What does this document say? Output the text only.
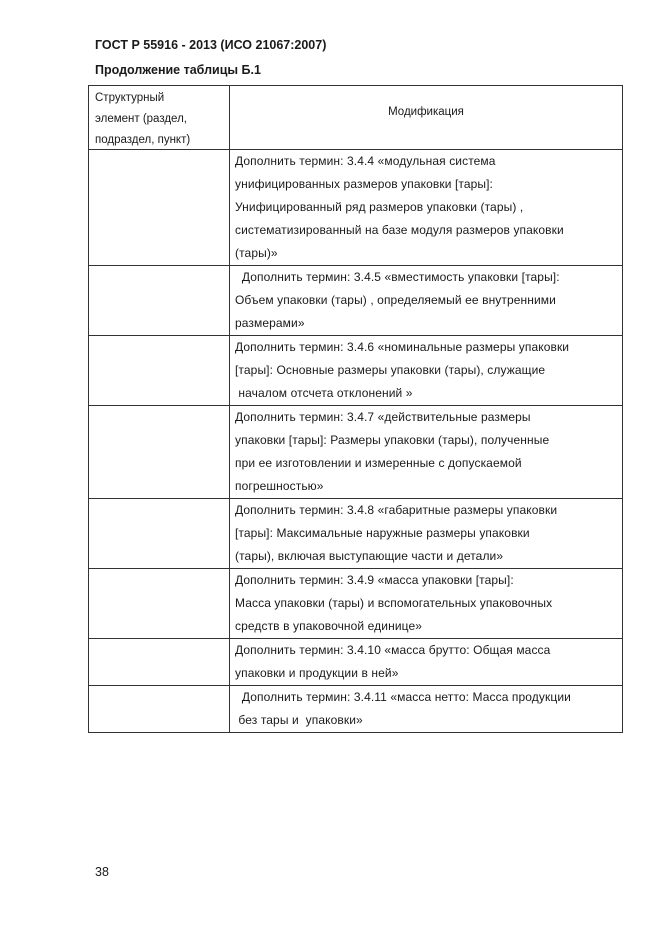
ГОСТ Р 55916 - 2013 (ИСО 21067:2007)
Продолжение таблицы Б.1
Структурный
элемент (раздел,
подраздел, пункт)	Модификация

	Дополнить термин: 3.4.4 «модульная система
унифицированных размеров упаковки [тары]:
Унифицированный ряд размеров упаковки (тары) ,
систематизированный на базе модуля размеров упаковки
(тары)»

	Дополнить термин: 3.4.5 «вместимость упаковки [тары]:
Объем упаковки (тары) , определяемый ее внутренними
размерами»

	Дополнить термин: 3.4.6 «номинальные размеры упаковки
[тары]: Основные размеры упаковки (тары), служащие
началом отсчета отклонений »

	Дополнить термин: 3.4.7 «действительные размеры
упаковки [тары]: Размеры упаковки (тары), полученные
при ее изготовлении и измеренные с допускаемой
погрешностью»

	Дополнить термин: 3.4.8 «габаритные размеры упаковки
[тары]: Максимальные наружные размеры упаковки
(тары), включая выступающие части и детали»

	Дополнить термин: 3.4.9 «масса упаковки [тары]:
Масса упаковки (тары) и вспомогательных упаковочных
средств в упаковочной единице»

	Дополнить термин: 3.4.10 «масса брутто: Общая масса
упаковки и продукции в ней»

	Дополнить термин: 3.4.11 «масса нетто: Масса продукции
без тары и  упаковки»
38
